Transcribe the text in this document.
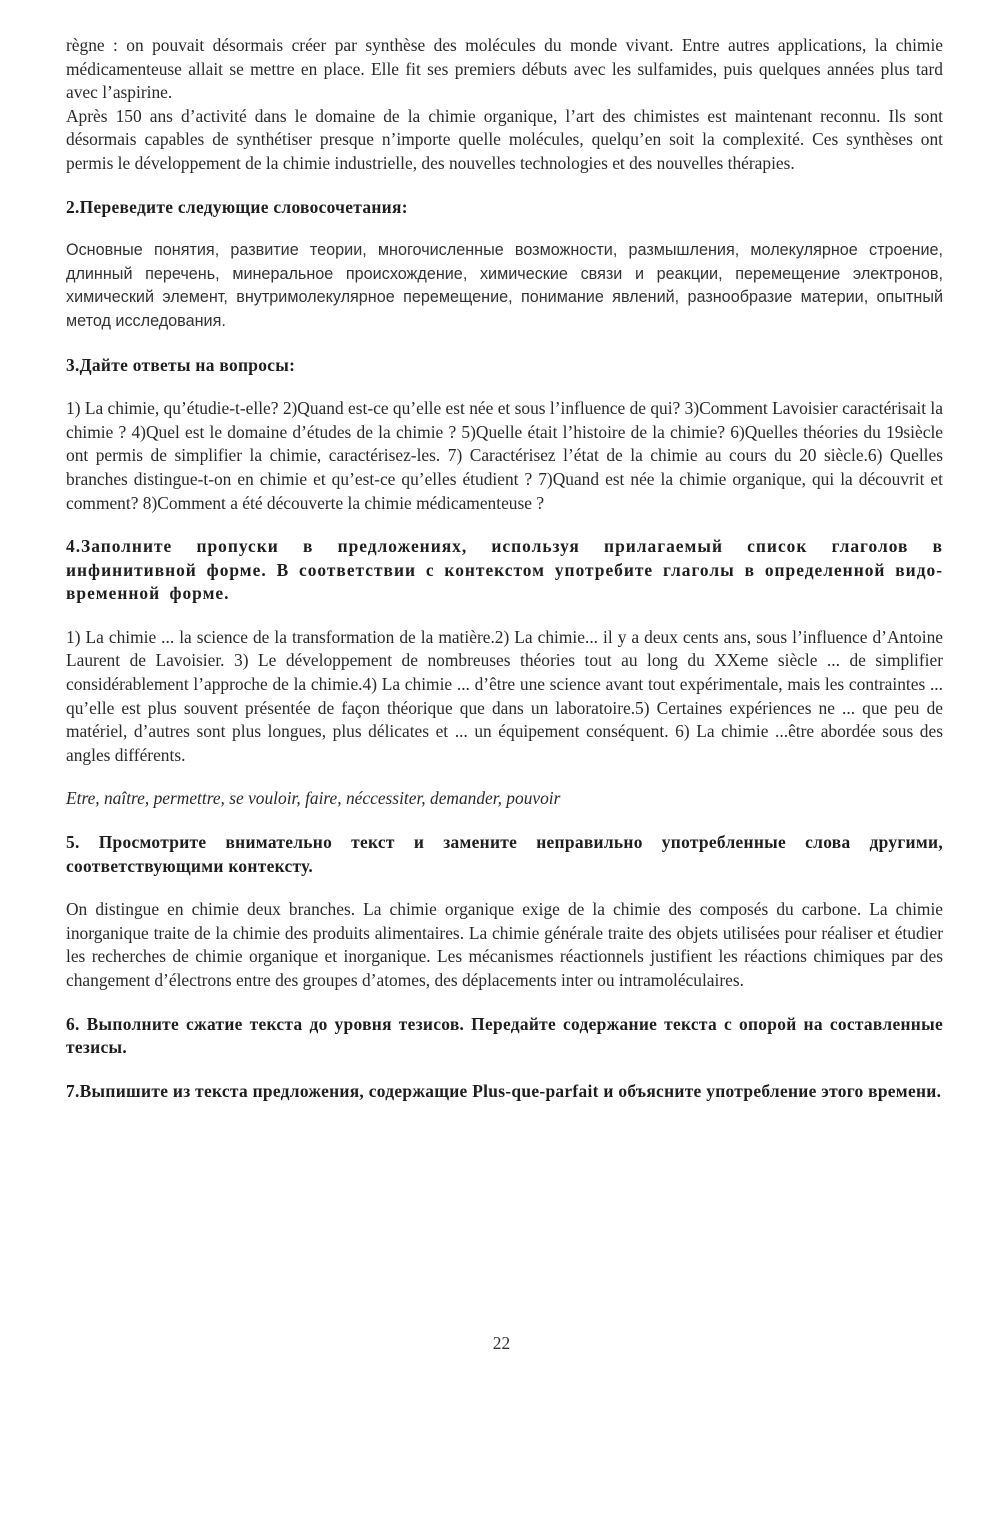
règne : on pouvait désormais créer par synthèse des molécules du monde vivant. Entre autres applications, la chimie médicamenteuse allait se mettre en place. Elle fit ses premiers débuts avec les sulfamides, puis quelques années plus tard avec l’aspirine.

Après 150 ans d’activité dans le domaine de la chimie organique, l’art des chimistes est maintenant reconnu. Ils sont désormais capables de synthétiser presque n’importe quelle molécules, quelqu’en soit la complexité. Ces synthèses ont permis le développement de la chimie industrielle, des nouvelles technologies et des nouvelles thérapies.

2.Переведите следующие словосочетания:

Основные понятия, развитие теории, многочисленные возможности, размышления, молекулярное строение, длинный перечень, минеральное происхождение, химические связи и реакции, перемещение электронов, химический элемент, внутримолекулярное перемещение, понимание явлений, разнообразие материи, опытный метод исследования.

3.Дайте ответы на вопросы:

1) La chimie, qu’étudie-t-elle? 2)Quand est-ce qu’elle est née et sous l’influence de qui? 3)Comment Lavoisier caractérisait la chimie ? 4)Quel est le domaine d’études de la chimie ? 5)Quelle était l’histoire de la chimie? 6)Quelles théories du 19siècle ont permis de simplifier la chimie, caractérisez-les. 7) Caractérisez l’état de la chimie au cours du 20 siècle.6) Quelles branches distingue-t-on en chimie et qu’est-ce qu’elles étudient ? 7)Quand est née la chimie organique, qui la découvrit et comment? 8)Comment a été découverte la chimie médicamenteuse ?

4.Заполните пропуски в предложениях, используя прилагаемый список глаголов в инфинитивной форме. В соответствии с контекстом употребите глаголы в определенной видо-временной форме.

1) La chimie ... la science de la transformation de la matière.2) La chimie... il y a deux cents ans, sous l’influence d’Antoine Laurent de Lavoisier. 3) Le développement de nombreuses théories tout au long du XXeme siècle ... de simplifier considérablement l’approche de la chimie.4) La chimie ... d’être une science avant tout expérimentale, mais les contraintes ... qu’elle est plus souvent présentée de façon théorique que dans un laboratoire.5) Certaines expériences ne ... que peu de matériel, d’autres sont plus longues, plus délicates et ... un équipement conséquent. 6) La chimie ...être abordée sous des angles différents.

Etre, naître, permettre, se vouloir, faire, néccessiter, demander, pouvoir

5. Просмотрите внимательно текст и замените неправильно употребленные слова другими, соответствующими контексту.

On distingue en chimie deux branches. La chimie organique exige de la chimie des composés du carbone. La chimie inorganique traite de la chimie des produits alimentaires. La chimie générale traite des objets utilisées pour réaliser et étudier les recherches de chimie organique et inorganique. Les mécanismes réactionnels justifient les réactions chimiques par des changement d’électrons entre des groupes d’atomes, des déplacements inter ou intramoléculaires.

6. Выполните сжатие текста до уровня тезисов. Передайте содержание текста с опорой на составленные тезисы.

7.Выпишите из текста предложения, содержащие Plus-que-parfait и объясните употребление этого времени.

22
